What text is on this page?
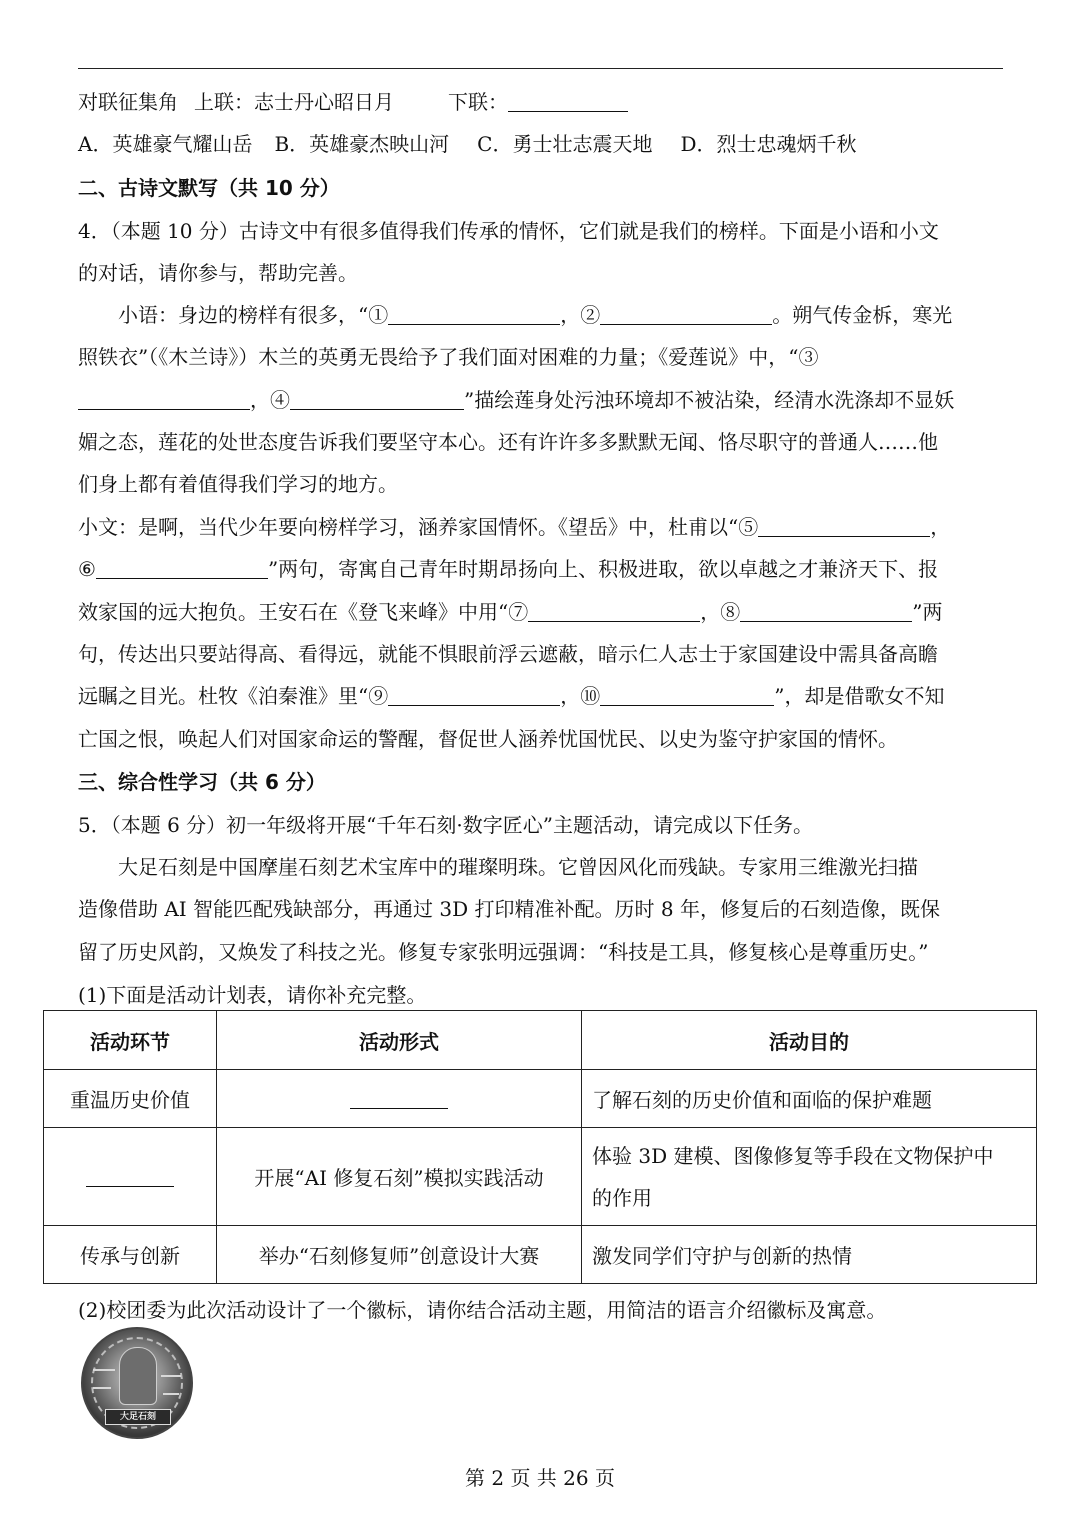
对联征集角 上联：志士丹心昭日月	下联：
A．英雄豪气耀山岳 B．英雄豪杰映山河 C．勇士壮志震天地 D．烈士忠魂炳千秋
二、古诗文默写（共 10 分）
4．（本题 10 分）古诗文中有很多值得我们传承的情怀，它们就是我们的榜样。下面是小语和小文
的对话，请你参与，帮助完善。
小语：身边的榜样有很多，“①	，②	。朔气传金柝，寒光
照铁衣”（《木兰诗》）木兰的英勇无畏给予了我们面对困难的力量；《爱莲说》中，“③
，④	”描绘莲身处污浊环境却不被沾染，经清水洗涤却不显妖
媚之态，莲花的处世态度告诉我们要坚守本心。还有许许多多默默无闻、恪尽职守的普通人……他
们身上都有着值得我们学习的地方。
小文：是啊，当代少年要向榜样学习，涵养家国情怀。《望岳》中，杜甫以“⑤	，
⑥	”两句，寄寓自己青年时期昂扬向上、积极进取，欲以卓越之才兼济天下、报
效家国的远大抱负。王安石在《登飞来峰》中用“⑦	，⑧	”两
句，传达出只要站得高、看得远，就能不惧眼前浮云遮蔽，暗示仁人志士于家国建设中需具备高瞻
远瞩之目光。杜牧《泊秦淮》里“⑨	，⑩	”，却是借歌女不知
亡国之恨，唤起人们对国家命运的警醒，督促世人涵养忧国忧民、以史为鉴守护家国的情怀。
三、综合性学习（共 6 分）
5．（本题 6 分）初一年级将开展“千年石刻·数字匠心”主题活动，请完成以下任务。
大足石刻是中国摩崖石刻艺术宝库中的璀璨明珠。它曾因风化而残缺。专家用三维激光扫描
造像借助 AI 智能匹配残缺部分，再通过 3D 打印精准补配。历时 8 年，修复后的石刻造像，既保
留了历史风韵，又焕发了科技之光。修复专家张明远强调：“科技是工具，修复核心是尊重历史。”
(1)下面是活动计划表，请你补充完整。
活动环节	活动形式	活动目的
重温历史价值		了解石刻的历史价值和面临的保护难题
	开展“AI 修复石刻”模拟实践活动	体验 3D 建模、图像修复等手段在文物保护中
的作用
传承与创新	举办“石刻修复师”创意设计大赛	激发同学们守护与创新的热情
(2)校团委为此次活动设计了一个徽标，请你结合活动主题，用简洁的语言介绍徽标及寓意。
大足石刻
第 2 页 共 26 页
